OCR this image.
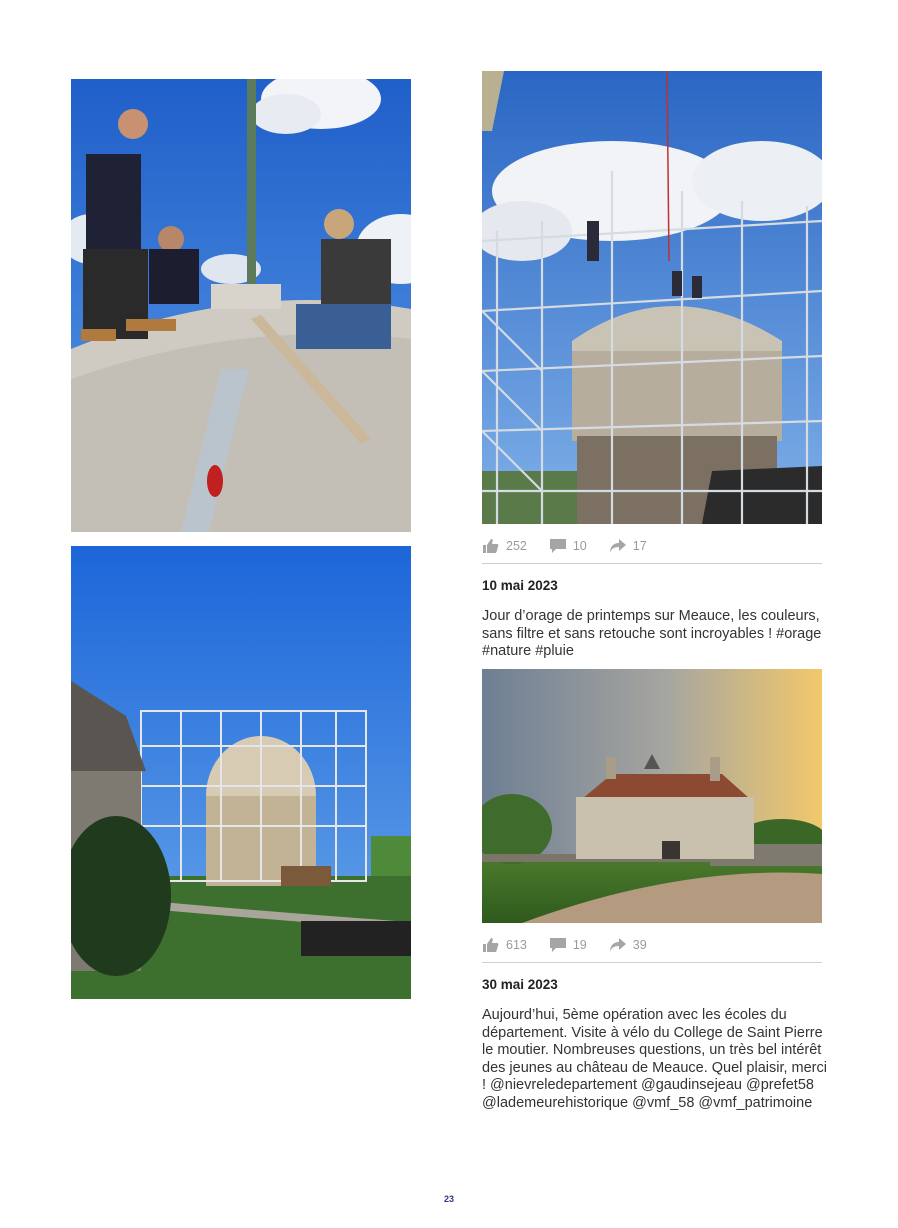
252	10	17
10 mai 2023
Jour d’orage de printemps sur Meauce, les couleurs, sans filtre et sans retouche sont incroyables ! #orage #nature #pluie
613	19	39
30 mai 2023
Aujourd’hui, 5ème opération avec les écoles du département. Visite à vélo du College de Saint Pierre le moutier. Nombreuses questions, un très bel intérêt des jeunes au château de Meauce. Quel plaisir, merci ! @nievreledepartement @gaudinsejeau @prefet58 @lademeurehistorique @vmf_58 @vmf_patrimoine
23
